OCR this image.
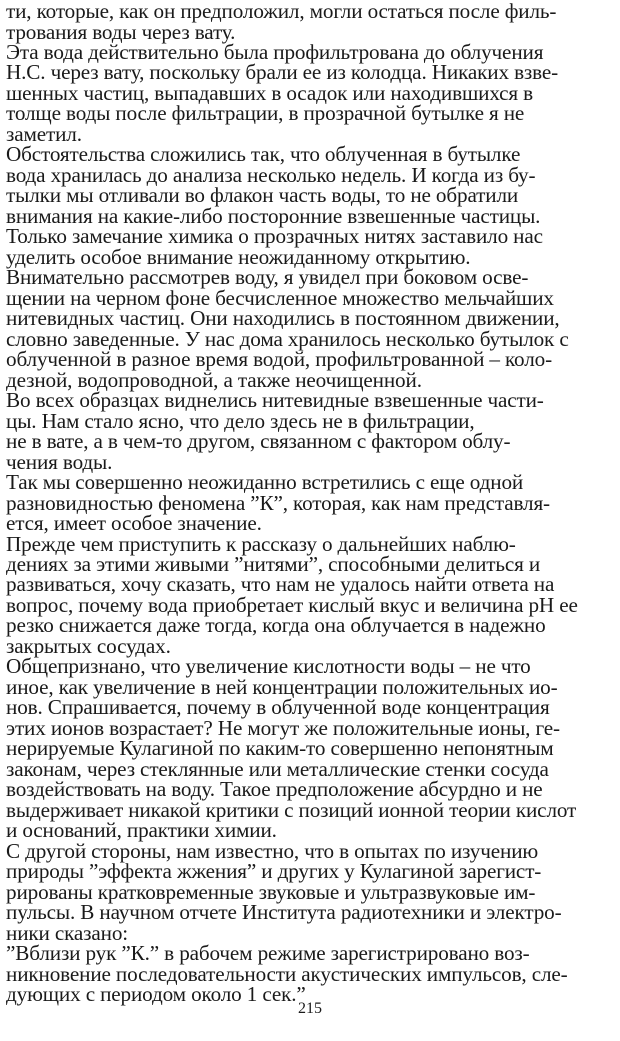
ти, которые, как он предположил, могли остаться после филь-
трования воды через вату.
Эта вода действительно была профильтрована до облучения
Н.С. через вату, поскольку брали ее из колодца. Никаких взве-
шенных частиц, выпадавших в осадок или находившихся в
толще воды после фильтрации, в прозрачной бутылке я не
заметил.
Обстоятельства сложились так, что облученная в бутылке
вода хранилась до анализа несколько недель. И когда из бу-
тылки мы отливали во флакон часть воды, то не обратили
внимания на какие-либо посторонние взвешенные частицы.
Только замечание химика о прозрачных нитях заставило нас
уделить особое внимание неожиданному открытию.
Внимательно рассмотрев воду, я увидел при боковом осве-
щении на черном фоне бесчисленное множество мельчайших
нитевидных частиц. Они находились в постоянном движении,
словно заведенные. У нас дома хранилось несколько бутылок с
облученной в разное время водой, профильтрованной – коло-
дезной, водопроводной, а также неочищенной.
Во всех образцах виднелись нитевидные взвешенные части-
цы. Нам стало ясно, что дело здесь не в фильтрации,
не в вате, а в чем-то другом, связанном с фактором облу-
чения воды.
Так мы совершенно неожиданно встретились с еще одной
разновидностью феномена ”К”, которая, как нам представля-
ется, имеет особое значение.
Прежде чем приступить к рассказу о дальнейших наблю-
дениях за этими живыми ”нитями”, способными делиться и
развиваться, хочу сказать, что нам не удалось найти ответа на
вопрос, почему вода приобретает кислый вкус и величина pH ее
резко снижается даже тогда, когда она облучается в надежно
закрытых сосудах.
Общепризнано, что увеличение кислотности воды – не что
иное, как увеличение в ней концентрации положительных ио-
нов. Спрашивается, почему в облученной воде концентрация
этих ионов возрастает? Не могут же положительные ионы, ге-
нерируемые Кулагиной по каким-то совершенно непонятным
законам, через стеклянные или металлические стенки сосуда
воздействовать на воду. Такое предположение абсурдно и не
выдерживает никакой критики с позиций ионной теории кислот
и оснований, практики химии.
С другой стороны, нам известно, что в опытах по изучению
природы ”эффекта жжения” и других у Кулагиной зарегист-
рированы кратковременные звуковые и ультразвуковые им-
пульсы. В научном отчете Института радиотехники и электро-
ники сказано:
”Вблизи рук ”К.” в рабочем режиме зарегистрировано воз-
никновение последовательности акустических импульсов, сле-
дующих с периодом около 1 сек.”
215
